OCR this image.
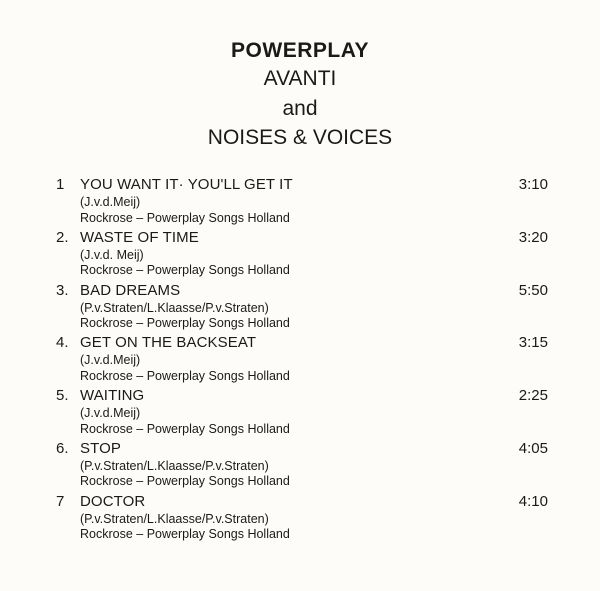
POWERPLAY
AVANTI
and
NOISES & VOICES
1	YOU WANT IT· YOU'LL GET IT	3:10
(J.v.d.Meij)
Rockrose – Powerplay Songs Holland
2. WASTE OF TIME	3:20
(J.v.d. Meij)
Rockrose – Powerplay Songs Holland
3. BAD DREAMS	5:50
(P.v.Straten/L.Klaasse/P.v.Straten)
Rockrose – Powerplay Songs Holland
4. GET ON THE BACKSEAT	3:15
(J.v.d.Meij)
Rockrose – Powerplay Songs Holland
5. WAITING	2:25
(J.v.d.Meij)
Rockrose – Powerplay Songs Holland
6. STOP	4:05
(P.v.Straten/L.Klaasse/P.v.Straten)
Rockrose – Powerplay Songs Holland
7	DOCTOR	4:10
(P.v.Straten/L.Klaasse/P.v.Straten)
Rockrose – Powerplay Songs Holland
